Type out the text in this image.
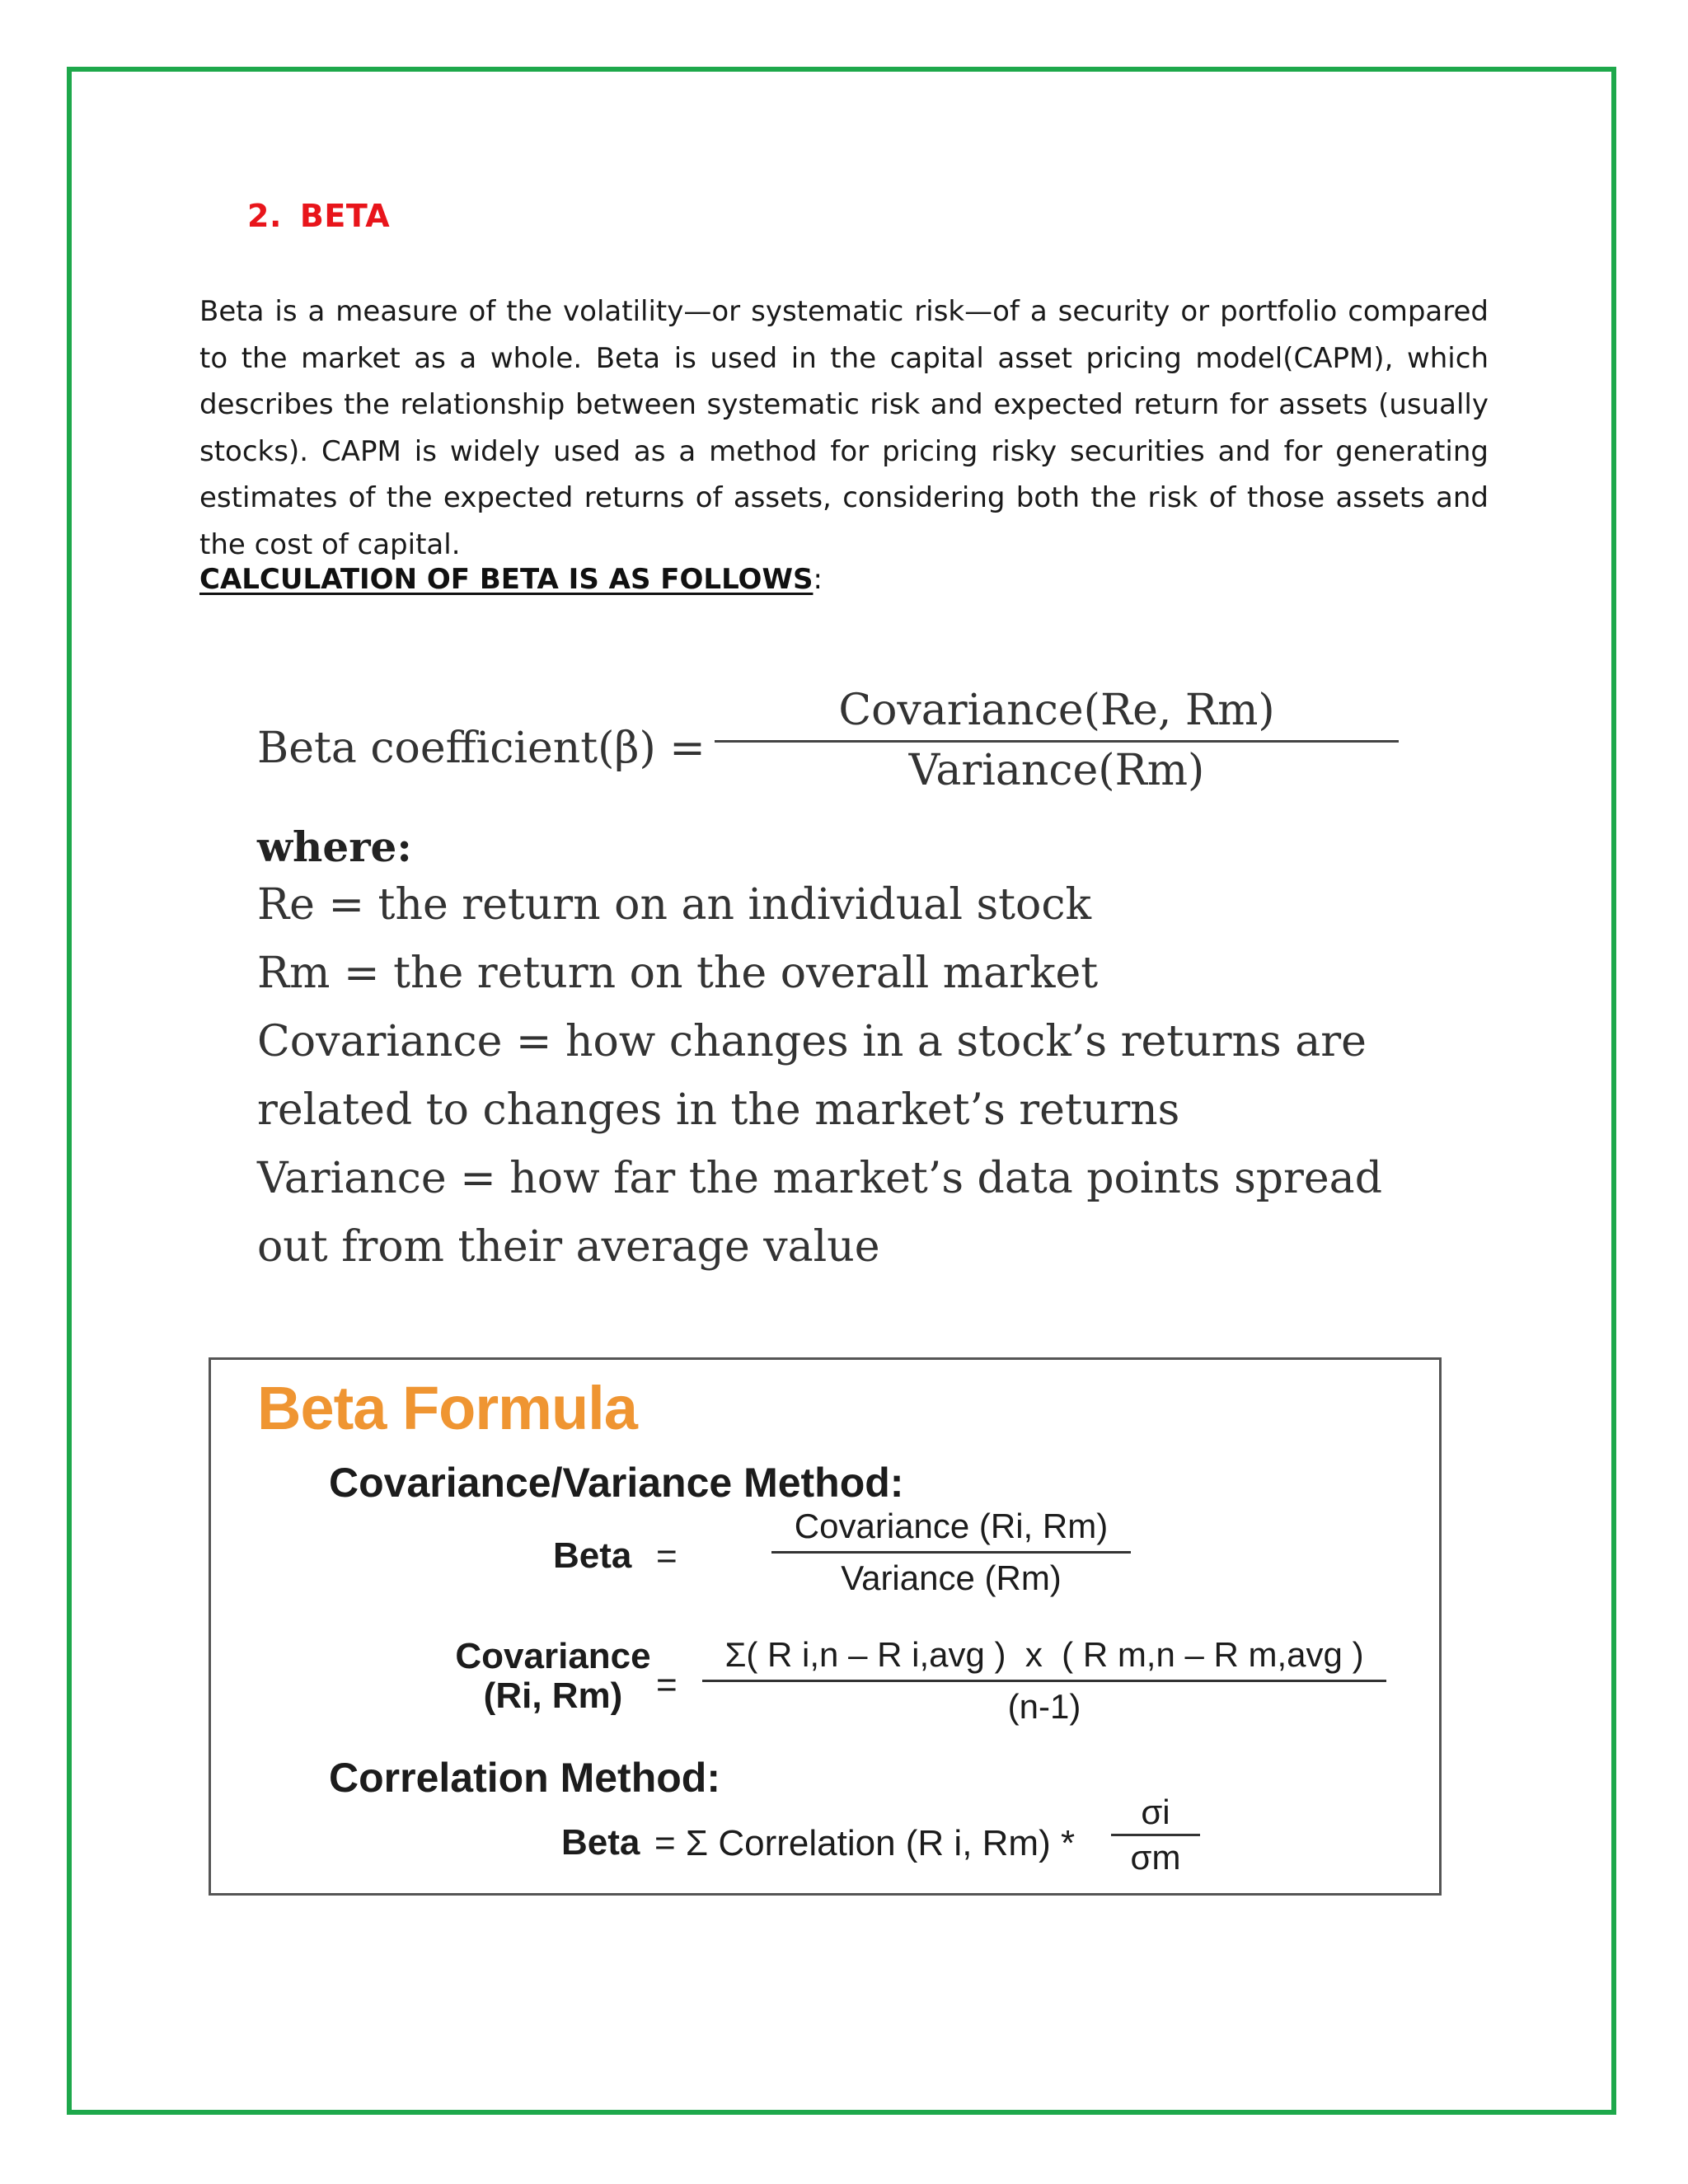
2. BETA
Beta is a measure of the volatility—or systematic risk—of a security or portfolio compared to the market as a whole. Beta is used in the capital asset pricing model(CAPM), which describes the relationship between systematic risk and expected return for assets (usually stocks). CAPM is widely used as a method for pricing risky securities and for generating estimates of the expected returns of assets, considering both the risk of those assets and the cost of capital.
CALCULATION OF BETA IS AS FOLLOWS:
Beta coefficient(β) =
Covariance(Re, Rm)
Variance(Rm)
where:
Re = the return on an individual stock
Rm = the return on the overall market
Covariance = how changes in a stock’s returns are
related to changes in the market’s returns
Variance = how far the market’s data points spread
out from their average value
Beta Formula
Covariance/Variance Method:
Beta =
Covariance (Ri, Rm)
Variance (Rm)
Covariance
(Ri, Rm) =
Σ( R i,n – R i,avg )  x  ( R m,n – R m,avg )
(n-1)
Correlation Method:
Beta = Σ Correlation (R i, Rm) *
σi
σm
